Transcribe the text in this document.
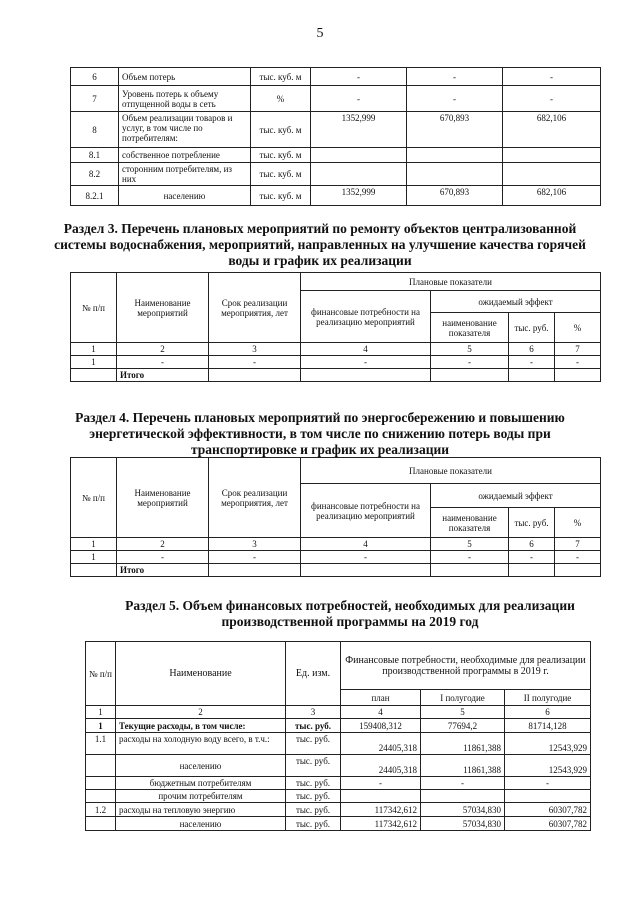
5
6	Объем потерь	тыс. куб. м	-	-	-
7	Уровень потерь к объему отпущенной воды в сеть	%	-	-	-
8	Объем реализации товаров и услуг, в том числе по потребителям:	тыс. куб. м	1352,999	670,893	682,106
8.1	собственное потребление	тыс. куб. м			
8.2	сторонним потребителям, из них	тыс. куб. м			
8.2.1	населению	тыс. куб. м	1352,999	670,893	682,106
Раздел 3. Перечень плановых мероприятий по ремонту объектов централизованной системы водоснабжения, мероприятий, направленных на улучшение качества горячей воды и график их реализации
№ п/п	Наименование мероприятий	Срок реализации мероприятия, лет	Плановые показатели			
			финансовые потребности на реализацию мероприятий	ожидаемый эффект		
				наименование показателя	тыс. руб.	%
1	2	3	4	5	6	7
1	-	-	-	-	-	-
	Итого					
Раздел 4. Перечень плановых мероприятий по энергосбережению и повышению энергетической эффективности, в том числе по снижению потерь воды при транспортировке и график их реализации
№ п/п	Наименование мероприятий	Срок реализации мероприятия, лет	Плановые показатели			
			финансовые потребности на реализацию мероприятий	ожидаемый эффект		
				наименование показателя	тыс. руб.	%
1	2	3	4	5	6	7
1	-	-	-	-	-	-
	Итого					
Раздел 5. Объем финансовых потребностей, необходимых для реализации производственной программы на 2019 год
№ п/п	Наименование	Ед. изм.	Финансовые потребности, необходимые для реализации производственной программы в 2019 г.		
			план	I полугодие	II полугодие
1	2	3	4	5	6
1	Текущие расходы, в том числе:	тыс. руб.	159408,312	77694,2	81714,128
1.1	расходы на холодную воду всего, в т.ч.:	тыс. руб.	24405,318	11861,388	12543,929
	населению	тыс. руб.	24405,318	11861,388	12543,929
	бюджетным потребителям	тыс. руб.	-	-	-
	прочим потребителям	тыс. руб.			
1.2	расходы на тепловую энергию	тыс. руб.	117342,612	57034,830	60307,782
	населению	тыс. руб.	117342,612	57034,830	60307,782
